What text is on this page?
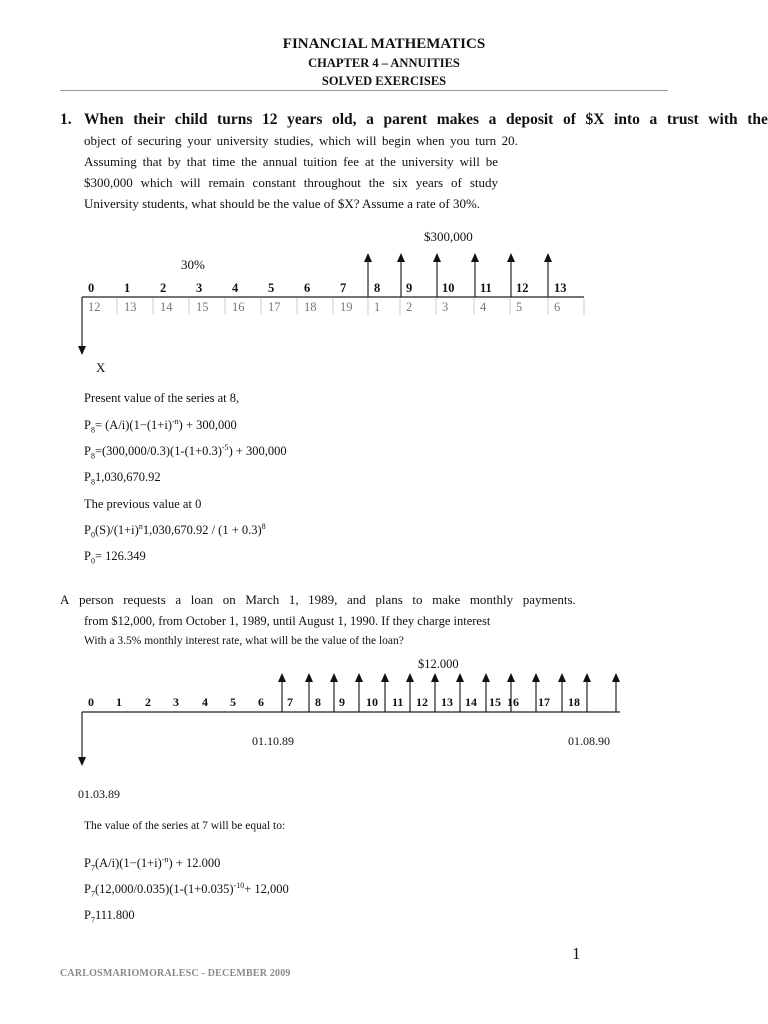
FINANCIAL MATHEMATICS
CHAPTER 4 – ANNUITIES
SOLVED EXERCISES
1. When their child turns 12 years old, a parent makes a deposit of $X into a trust with the
object of securing your university studies, which will begin when you turn 20.
Assuming that by that time the annual tuition fee at the university will be
$300,000 which will remain constant throughout the six years of study
University students, what should be the value of $X? Assume a rate of 30%.
$300,000
30%
0 1 2 3 4 5 6 7 8 9 10 11 12 13
12 13 14 15 16 17 18 19 1 2 3	4 5	6
X
Present value of the series at 8,
$P_8= (A/i)(1-(1+i)^{-n}) + 300,000$
$P_8=(300,000/0.3)(1-(1+0.3)^{-5}) + 300,000$
$P_81,030,670.92$
The previous value at 0
$P_0(S)/(1+i)^n1,030,670.92 / (1 + 0.3)^8$
$P_0= 126.349$
A person requests a loan on March 1, 1989, and plans to make monthly payments.
from $12,000, from October 1, 1989, until August 1, 1990. If they charge interest
With a 3.5% monthly interest rate, what will be the value of the loan?
$12.000
0 1 2 3 4 5 6 7 8 9 10 11 12 13 14 15 16 17 18
01.10.89	01.08.90
01.03.89
The value of the series at 7 will be equal to:
$P_7(A/i)(1-(1+i)^{-n}) + 12.000$
$P_7(12,000/0.035)(1-(1+0.035)^{-10}+ 12,000$
$P_7111.800$
1
CARLOSMARIOMORALESC - DECEMBER 2009
